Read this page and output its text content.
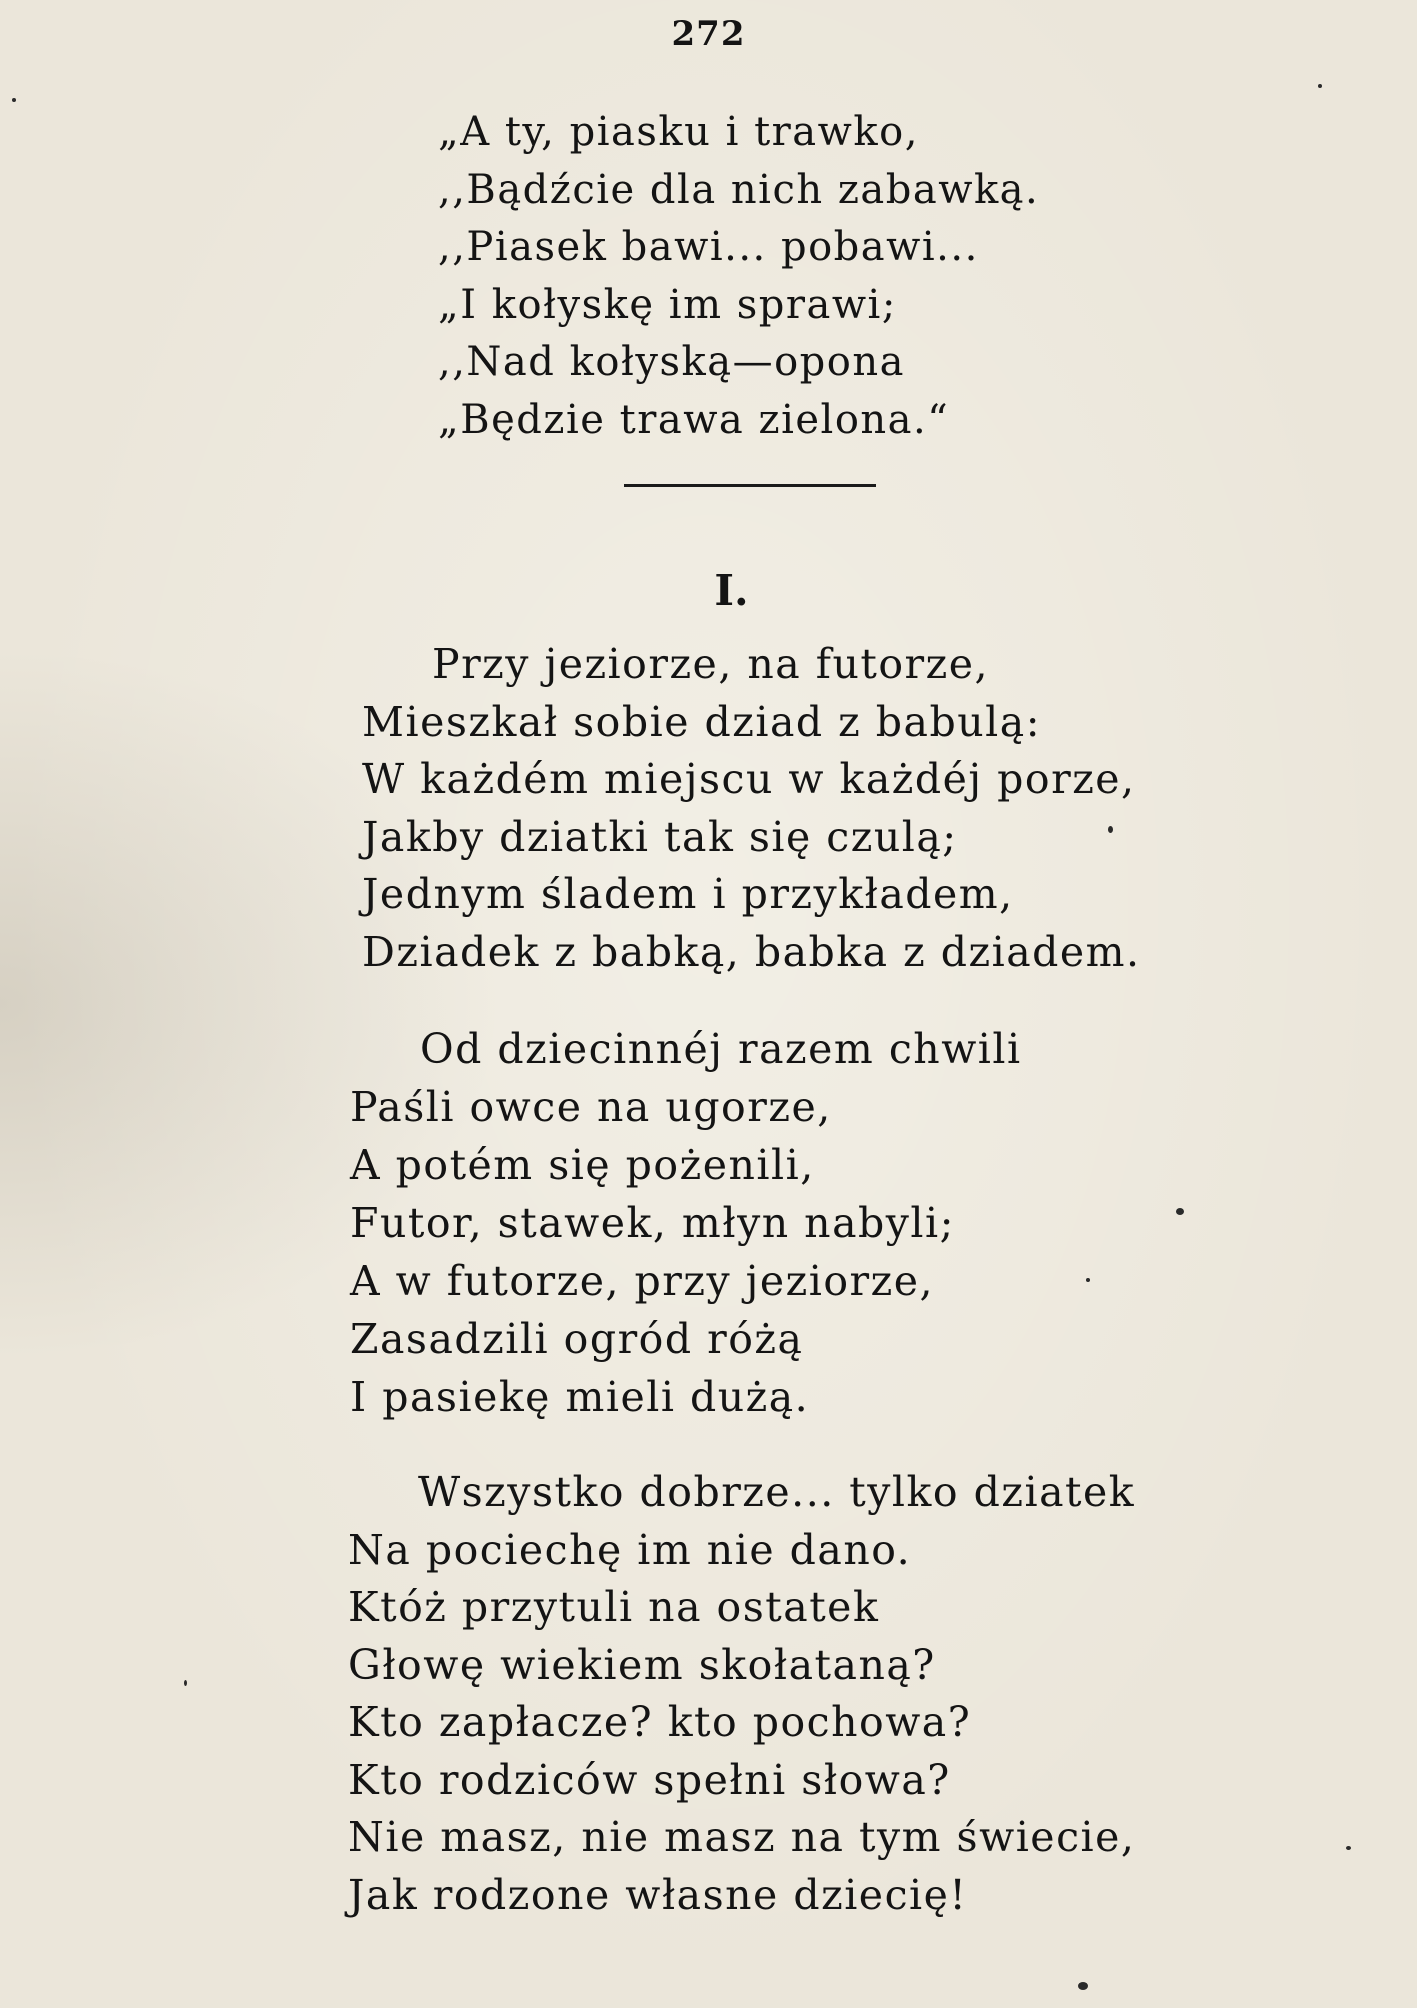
272
„A ty, piasku i trawko,
,,Bądźcie dla nich zabawką.
,,Piasek bawi... pobawi...
„I kołyskę im sprawi;
,,Nad kołyską—opona
„Będzie trawa zielona.“
I.
Przy jeziorze, na futorze,
Mieszkał sobie dziad z babulą:
W każdém miejscu w każdéj porze,
Jakby dziatki tak się czulą;
Jednym śladem i przykładem,
Dziadek z babką, babka z dziadem.
Od dziecinnéj razem chwili
Paśli owce na ugorze,
A potém się pożenili,
Futor, stawek, młyn nabyli;
A w futorze, przy jeziorze,
Zasadzili ogród różą
I pasiekę mieli dużą.
Wszystko dobrze... tylko dziatek
Na pociechę im nie dano.
Któż przytuli na ostatek
Głowę wiekiem skołataną?
Kto zapłacze? kto pochowa?
Kto rodziców spełni słowa?
Nie masz, nie masz na tym świecie,
Jak rodzone własne dziecię!
